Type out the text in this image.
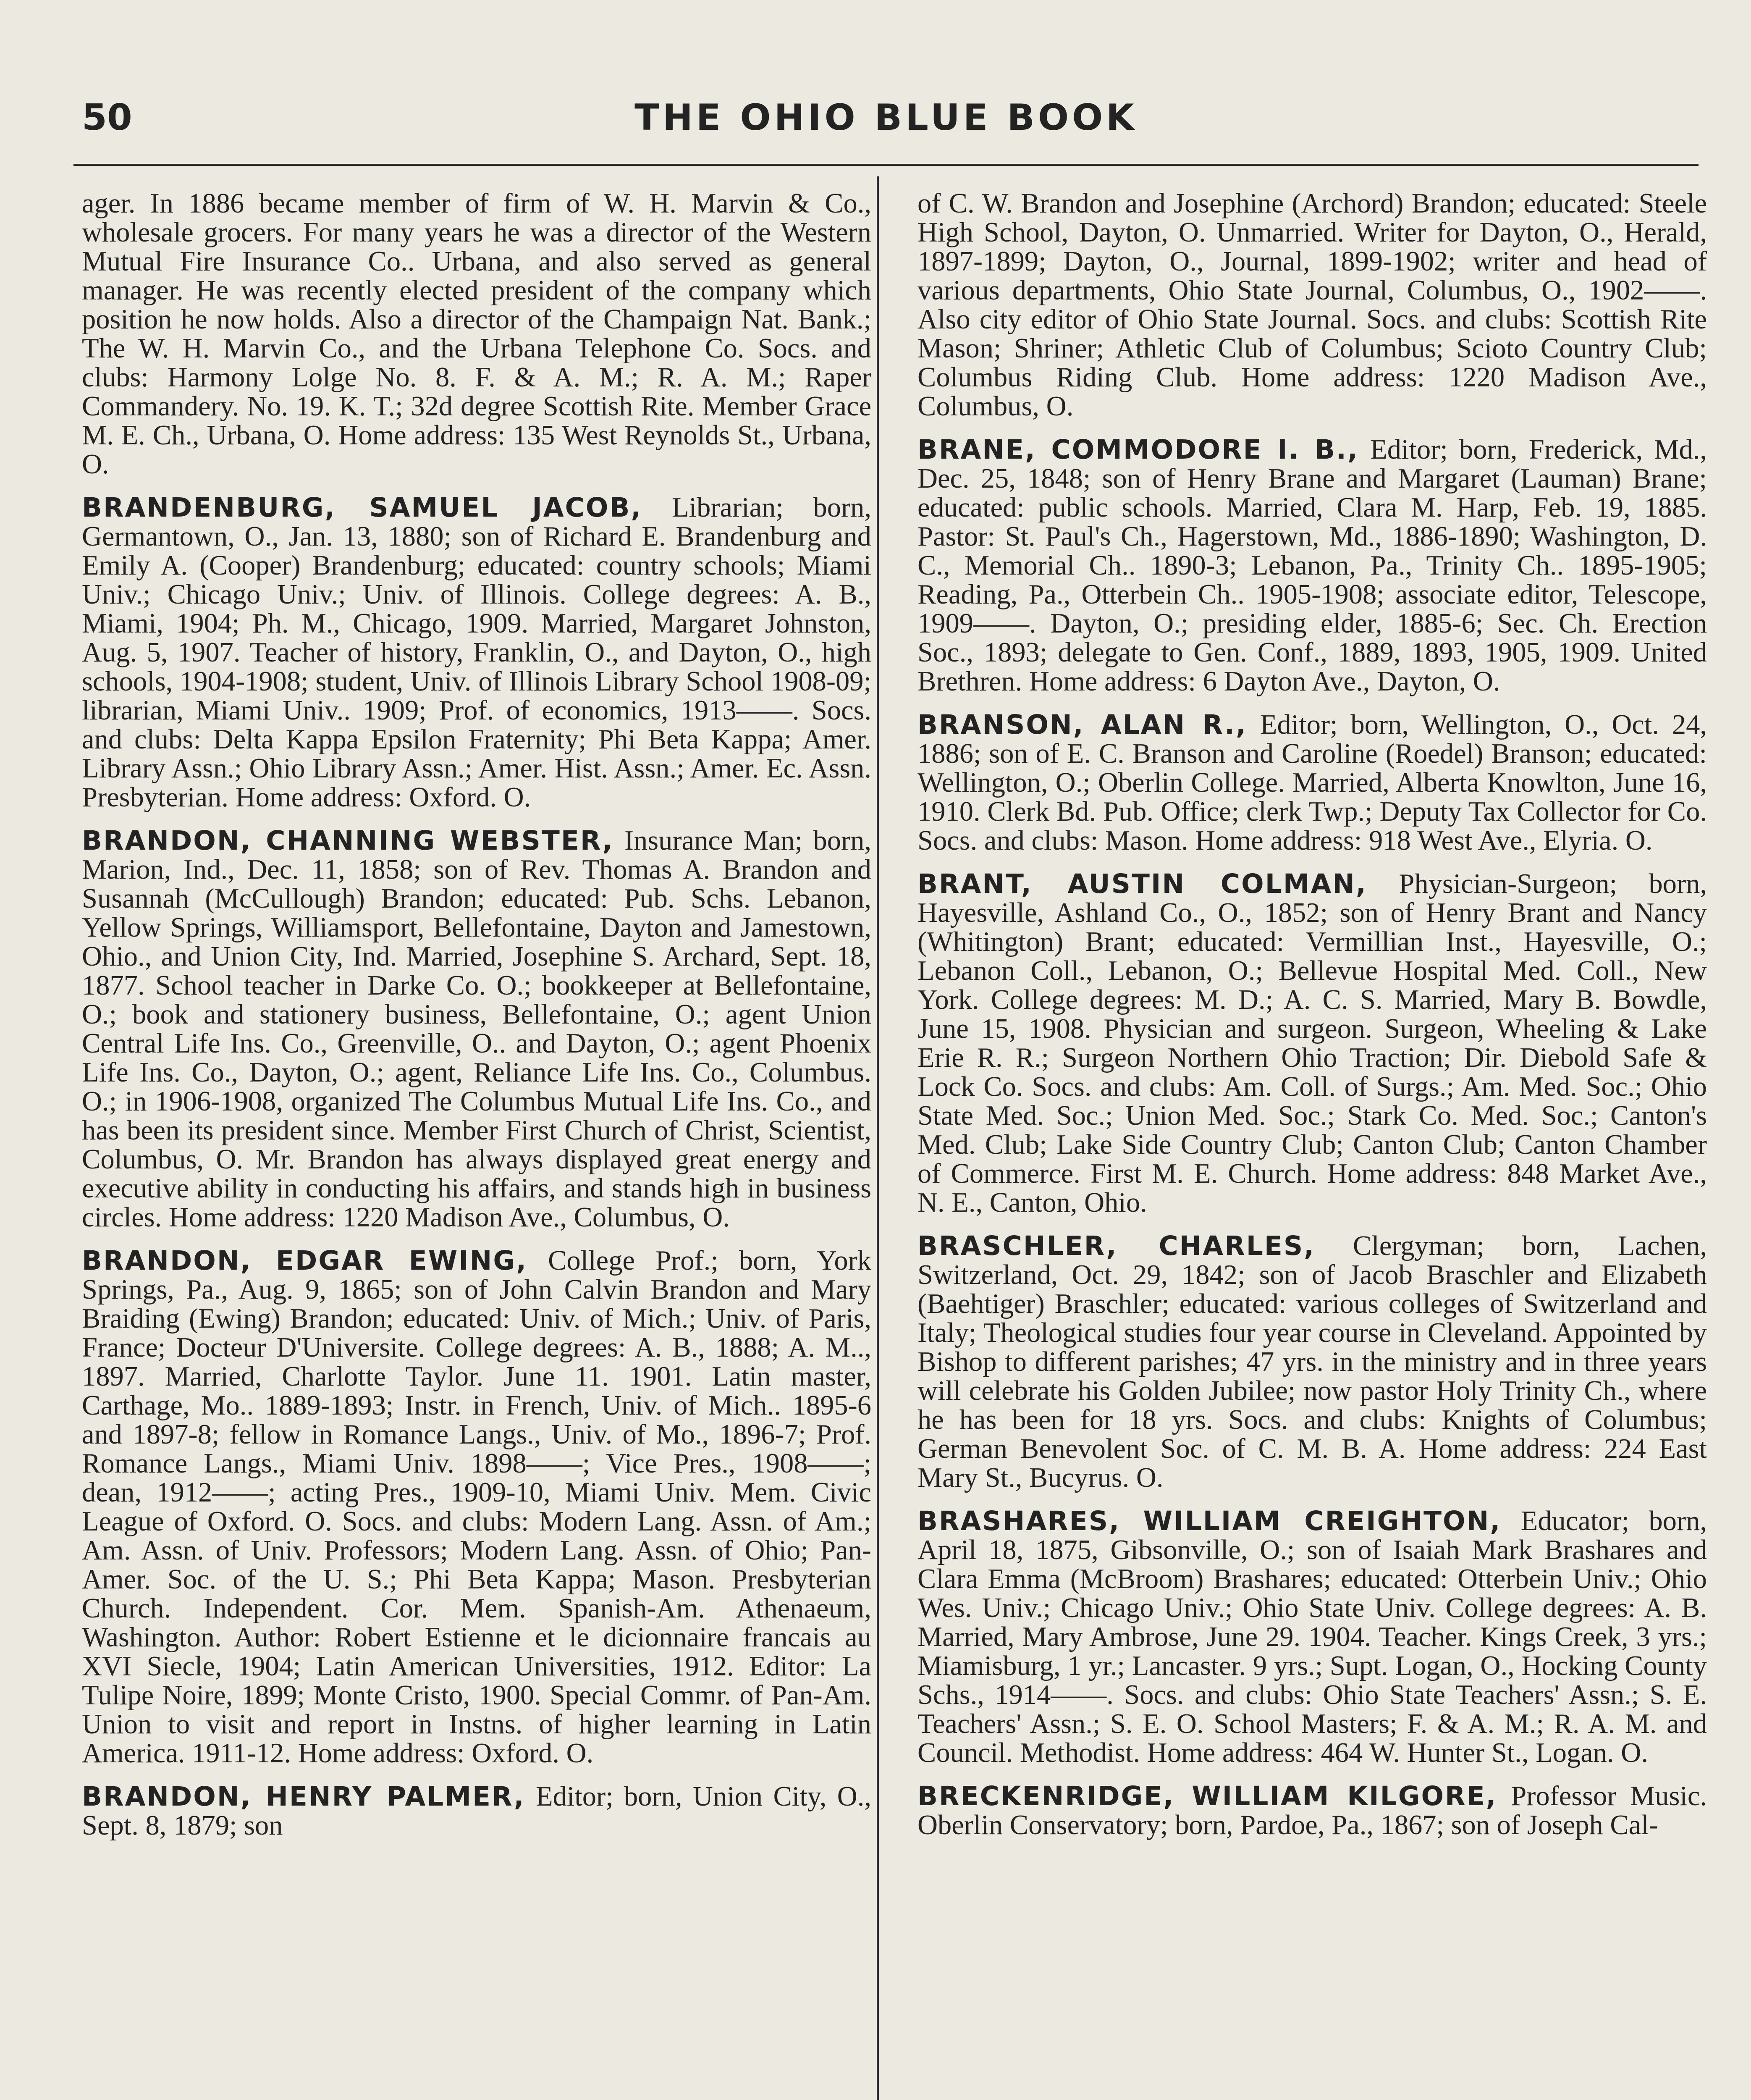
50	THE OHIO BLUE BOOK

ager. In 1886 became member of firm of W. H. Marvin & Co., wholesale grocers. For many years he was a director of the Western Mutual Fire Insurance Co.. Urbana, and also served as general manager. He was recently elected president of the company which position he now holds. Also a director of the Champaign Nat. Bank.; The W. H. Marvin Co., and the Urbana Telephone Co. Socs. and clubs: Harmony Lolge No. 8. F. & A. M.; R. A. M.; Raper Commandery. No. 19. K. T.; 32d degree Scottish Rite. Member Grace M. E. Ch., Urbana, O. Home address: 135 West Reynolds St., Urbana, O.

BRANDENBURG, SAMUEL JACOB, Librarian; born, Germantown, O., Jan. 13, 1880; son of Richard E. Brandenburg and Emily A. (Cooper) Brandenburg; educated: country schools; Miami Univ.; Chicago Univ.; Univ. of Illinois. College degrees: A. B., Miami, 1904; Ph. M., Chicago, 1909. Married, Margaret Johnston, Aug. 5, 1907. Teacher of history, Franklin, O., and Dayton, O., high schools, 1904-1908; student, Univ. of Illinois Library School 1908-09; librarian, Miami Univ.. 1909; Prof. of economics, 1913——. Socs. and clubs: Delta Kappa Epsilon Fraternity; Phi Beta Kappa; Amer. Library Assn.; Ohio Library Assn.; Amer. Hist. Assn.; Amer. Ec. Assn. Presbyterian. Home address: Oxford. O.

BRANDON, CHANNING WEBSTER, Insurance Man; born, Marion, Ind., Dec. 11, 1858; son of Rev. Thomas A. Brandon and Susannah (McCullough) Brandon; educated: Pub. Schs. Lebanon, Yellow Springs, Williamsport, Bellefontaine, Dayton and Jamestown, Ohio., and Union City, Ind. Married, Josephine S. Archard, Sept. 18, 1877. School teacher in Darke Co. O.; bookkeeper at Bellefontaine, O.; book and stationery business, Bellefontaine, O.; agent Union Central Life Ins. Co., Greenville, O.. and Dayton, O.; agent Phoenix Life Ins. Co., Dayton, O.; agent, Reliance Life Ins. Co., Columbus. O.; in 1906-1908, organized The Columbus Mutual Life Ins. Co., and has been its president since. Member First Church of Christ, Scientist, Columbus, O. Mr. Brandon has always displayed great energy and executive ability in conducting his affairs, and stands high in business circles. Home address: 1220 Madison Ave., Columbus, O.

BRANDON, EDGAR EWING, College Prof.; born, York Springs, Pa., Aug. 9, 1865; son of John Calvin Brandon and Mary Braiding (Ewing) Brandon; educated: Univ. of Mich.; Univ. of Paris, France; Docteur D'Universite. College degrees: A. B., 1888; A. M.., 1897. Married, Charlotte Taylor. June 11. 1901. Latin master, Carthage, Mo.. 1889-1893; Instr. in French, Univ. of Mich.. 1895-6 and 1897-8; fellow in Romance Langs., Univ. of Mo., 1896-7; Prof. Romance Langs., Miami Univ. 1898——; Vice Pres., 1908——; dean, 1912——; acting Pres., 1909-10, Miami Univ. Mem. Civic League of Oxford. O. Socs. and clubs: Modern Lang. Assn. of Am.; Am. Assn. of Univ. Professors; Modern Lang. Assn. of Ohio; Pan-Amer. Soc. of the U. S.; Phi Beta Kappa; Mason. Presbyterian Church. Independent. Cor. Mem. Spanish-Am. Athenaeum, Washington. Author: Robert Estienne et le dicionnaire francais au XVI Siecle, 1904; Latin American Universities, 1912. Editor: La Tulipe Noire, 1899; Monte Cristo, 1900. Special Commr. of Pan-Am. Union to visit and report in Instns. of higher learning in Latin America. 1911-12. Home address: Oxford. O.

BRANDON, HENRY PALMER, Editor; born, Union City, O., Sept. 8, 1879; son

of C. W. Brandon and Josephine (Archord) Brandon; educated: Steele High School, Dayton, O. Unmarried. Writer for Dayton, O., Herald, 1897-1899; Dayton, O., Journal, 1899-1902; writer and head of various departments, Ohio State Journal, Columbus, O., 1902——. Also city editor of Ohio State Journal. Socs. and clubs: Scottish Rite Mason; Shriner; Athletic Club of Columbus; Scioto Country Club; Columbus Riding Club. Home address: 1220 Madison Ave., Columbus, O.

BRANE, COMMODORE I. B., Editor; born, Frederick, Md., Dec. 25, 1848; son of Henry Brane and Margaret (Lauman) Brane; educated: public schools. Married, Clara M. Harp, Feb. 19, 1885. Pastor: St. Paul's Ch., Hagerstown, Md., 1886-1890; Washington, D. C., Memorial Ch.. 1890-3; Lebanon, Pa., Trinity Ch.. 1895-1905; Reading, Pa., Otterbein Ch.. 1905-1908; associate editor, Telescope, 1909——. Dayton, O.; presiding elder, 1885-6; Sec. Ch. Erection Soc., 1893; delegate to Gen. Conf., 1889, 1893, 1905, 1909. United Brethren. Home address: 6 Dayton Ave., Dayton, O.

BRANSON, ALAN R., Editor; born, Wellington, O., Oct. 24, 1886; son of E. C. Branson and Caroline (Roedel) Branson; educated: Wellington, O.; Oberlin College. Married, Alberta Knowlton, June 16, 1910. Clerk Bd. Pub. Office; clerk Twp.; Deputy Tax Collector for Co. Socs. and clubs: Mason. Home address: 918 West Ave., Elyria. O.

BRANT, AUSTIN COLMAN, Physician-Surgeon; born, Hayesville, Ashland Co., O., 1852; son of Henry Brant and Nancy (Whitington) Brant; educated: Vermillian Inst., Hayesville, O.; Lebanon Coll., Lebanon, O.; Bellevue Hospital Med. Coll., New York. College degrees: M. D.; A. C. S. Married, Mary B. Bowdle, June 15, 1908. Physician and surgeon. Surgeon, Wheeling & Lake Erie R. R.; Surgeon Northern Ohio Traction; Dir. Diebold Safe & Lock Co. Socs. and clubs: Am. Coll. of Surgs.; Am. Med. Soc.; Ohio State Med. Soc.; Union Med. Soc.; Stark Co. Med. Soc.; Canton's Med. Club; Lake Side Country Club; Canton Club; Canton Chamber of Commerce. First M. E. Church. Home address: 848 Market Ave., N. E., Canton, Ohio.

BRASCHLER, CHARLES, Clergyman; born, Lachen, Switzerland, Oct. 29, 1842; son of Jacob Braschler and Elizabeth (Baehtiger) Braschler; educated: various colleges of Switzerland and Italy; Theological studies four year course in Cleveland. Appointed by Bishop to different parishes; 47 yrs. in the ministry and in three years will celebrate his Golden Jubilee; now pastor Holy Trinity Ch., where he has been for 18 yrs. Socs. and clubs: Knights of Columbus; German Benevolent Soc. of C. M. B. A. Home address: 224 East Mary St., Bucyrus. O.

BRASHARES, WILLIAM CREIGHTON, Educator; born, April 18, 1875, Gibsonville, O.; son of Isaiah Mark Brashares and Clara Emma (McBroom) Brashares; educated: Otterbein Univ.; Ohio Wes. Univ.; Chicago Univ.; Ohio State Univ. College degrees: A. B. Married, Mary Ambrose, June 29. 1904. Teacher. Kings Creek, 3 yrs.; Miamisburg, 1 yr.; Lancaster. 9 yrs.; Supt. Logan, O., Hocking County Schs., 1914——. Socs. and clubs: Ohio State Teachers' Assn.; S. E. Teachers' Assn.; S. E. O. School Masters; F. & A. M.; R. A. M. and Council. Methodist. Home address: 464 W. Hunter St., Logan. O.

BRECKENRIDGE, WILLIAM KILGORE, Professor Music. Oberlin Conservatory; born, Pardoe, Pa., 1867; son of Joseph Cal-
